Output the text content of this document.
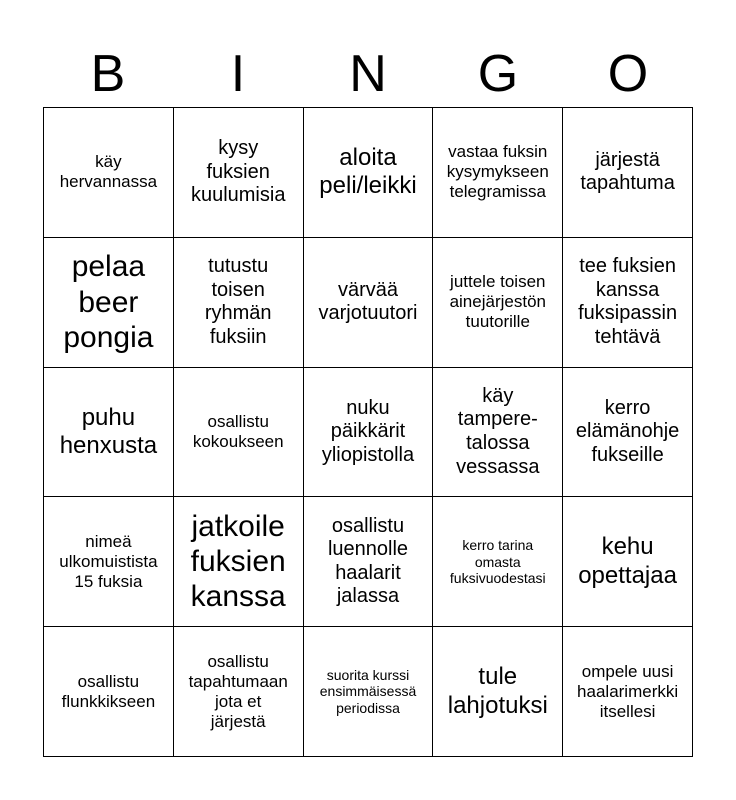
B	I	N	G	O
käy
hervannassa
kysy
fuksien
kuulumisia
aloita
peli/leikki
vastaa fuksin
kysymykseen
telegramissa
järjestä
tapahtuma
pelaa
beer
pongia
tutustu
toisen
ryhmän
fuksiin
värvää
varjotuutori
juttele toisen
ainejärjestön
tuutorille
tee fuksien
kanssa
fuksipassin
tehtävä
puhu
henxusta
osallistu
kokoukseen
nuku
päikkärit
yliopistolla
käy
tampere-
talossa
vessassa
kerro
elämänohje
fukseille
nimeä
ulkomuistista
15 fuksia
jatkoile
fuksien
kanssa
osallistu
luennolle
haalarit
jalassa
kerro tarina
omasta
fuksivuodestasi
kehu
opettajaa
osallistu
flunkkikseen
osallistu
tapahtumaan
jota et
järjestä
suorita kurssi
ensimmäisessä
periodissa
tule
lahjotuksi
ompele uusi
haalarimerkki
itsellesi
